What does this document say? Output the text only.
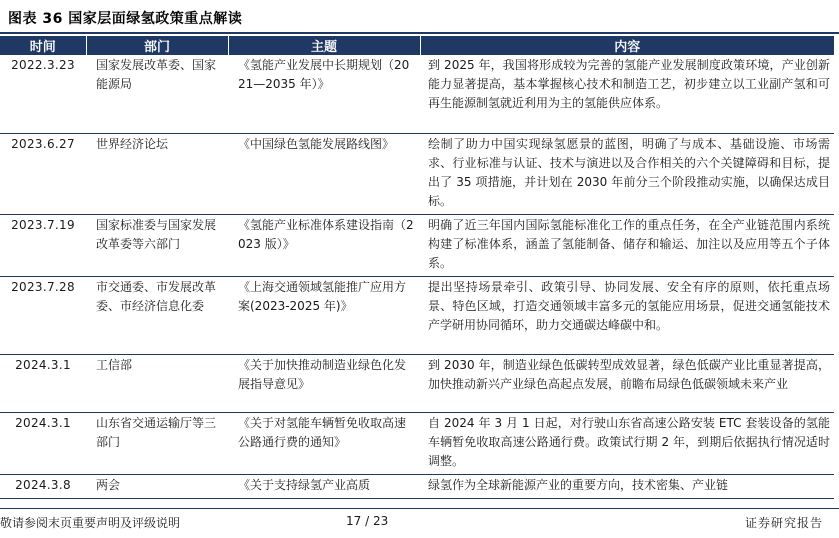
图表 36 国家层面绿氢政策重点解读
时间	部门	主题	内容
2022.3.23	国家发展改革委、国家能源局	《氢能产业发展中长期规划（2021—2035 年）》	到 2025 年，我国将形成较为完善的氢能产业发展制度政策环境，产业创新能力显著提高，基本掌握核心技术和制造工艺，初步建立以工业副产氢和可再生能源制氢就近利用为主的氢能供应体系。
2023.6.27	世界经济论坛	《中国绿色氢能发展路线图》	绘制了助力中国实现绿氢愿景的蓝图，明确了与成本、基础设施、市场需求、行业标准与认证、技术与演进以及合作相关的六个关键障碍和目标，提出了 35 项措施，并计划在 2030 年前分三个阶段推动实施，以确保达成目标。
2023.7.19	国家标准委与国家发展改革委等六部门	《氢能产业标准体系建设指南（2023 版）》	明确了近三年国内国际氢能标准化工作的重点任务，在全产业链范围内系统构建了标准体系，涵盖了氢能制备、储存和输运、加注以及应用等五个子体系。
2023.7.28	市交通委、市发展改革委、市经济信息化委	《上海交通领域氢能推广应用方案(2023-2025 年)》	提出坚持场景牵引、政策引导、协同发展、安全有序的原则，依托重点场景、特色区域，打造交通领域丰富多元的氢能应用场景，促进交通氢能技术产学研用协同循环，助力交通碳达峰碳中和。
2024.3.1	工信部	《关于加快推动制造业绿色化发展指导意见》	到 2030 年，制造业绿色低碳转型成效显著，绿色低碳产业比重显著提高，加快推动新兴产业绿色高起点发展，前瞻布局绿色低碳领域未来产业
2024.3.1	山东省交通运输厅等三部门	《关于对氢能车辆暂免收取高速公路通行费的通知》	自 2024 年 3 月 1 日起，对行驶山东省高速公路安装 ETC 套装设备的氢能车辆暂免收取高速公路通行费。政策试行期 2 年，到期后依据执行情况适时调整。
2024.3.8	两会	《关于支持绿氢产业高质	绿氢作为全球新能源产业的重要方向，技术密集、产业链
敬请参阅末页重要声明及评级说明	17 / 23	证券研究报告
